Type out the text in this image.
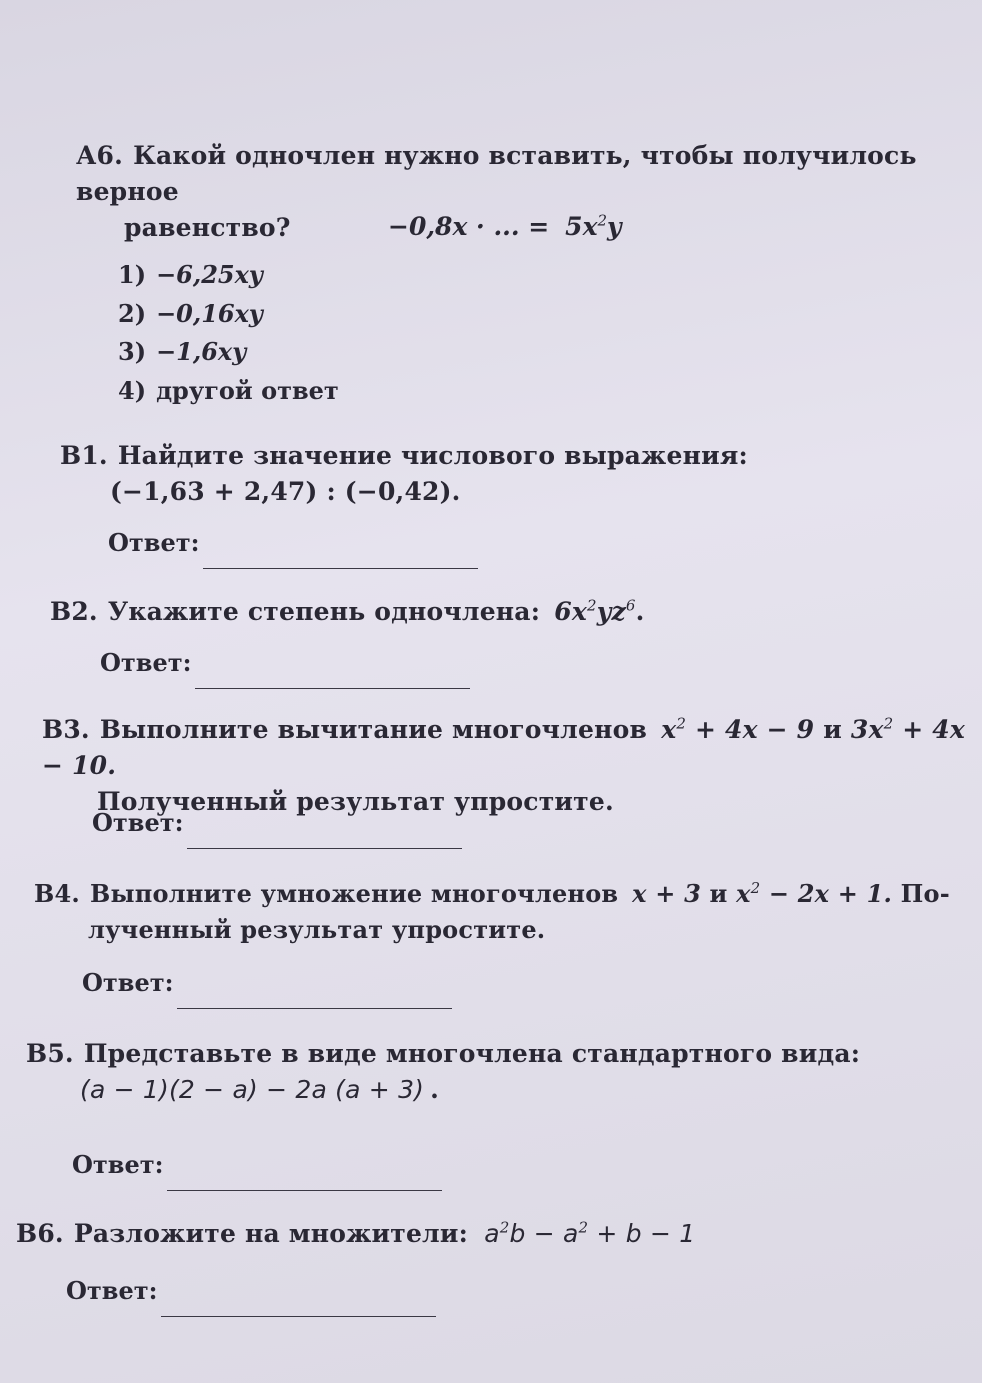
А6. Какой одночлен нужно вставить, чтобы получилось верное
равенство?	−0,8x · ... = $5x^2y$
1) −6,25xy
2) −0,16xy
3) −1,6xy
4) другой ответ
В1. Найдите значение числового выражения:
(−1,63 + 2,47) : (−0,42).
Ответ:
В2. Укажите степень одночлена: $6x^2yz^6$.
Ответ:
В3. Выполните вычитание многочленов $x^2 + 4x - 9$ и $3x^2 + 4x - 10$.
Полученный результат упростите.
Ответ:
В4. Выполните умножение многочленов x + 3 и $x^2 - 2x + 1$. По-
лученный результат упростите.
Ответ:
В5. Представьте в виде многочлена стандартного вида:
(a − 1)(2 − a) − 2a (a + 3) .
Ответ:
В6. Разложите на множители: $a^2b - a^2 + b - 1$
Ответ:
